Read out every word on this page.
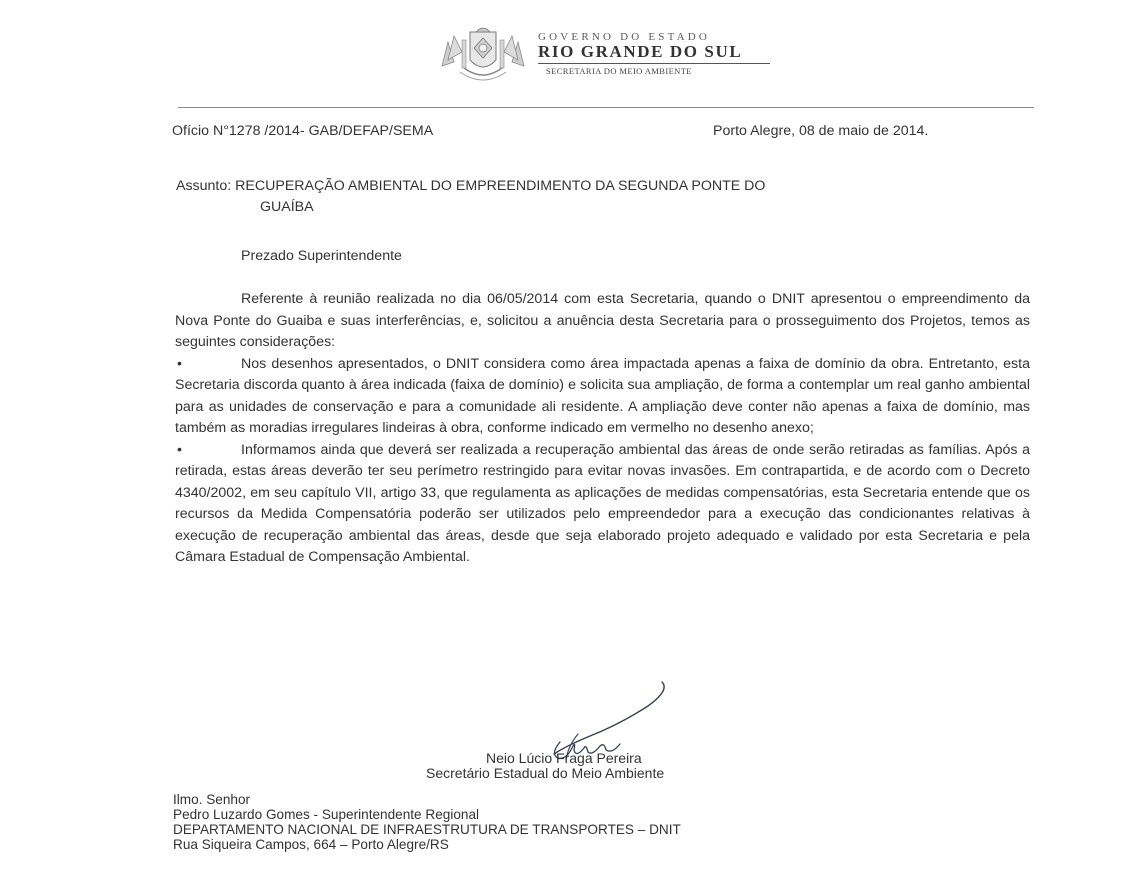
GOVERNO DO ESTADO
RIO GRANDE DO SUL
SECRETARIA DO MEIO AMBIENTE
Ofício N°1278 /2014- GAB/DEFAP/SEMA	Porto Alegre, 08 de maio de 2014.
Assunto: RECUPERAÇÃO AMBIENTAL DO EMPREENDIMENTO DA SEGUNDA PONTE DO
GUAÍBA
Prezado Superintendente

Referente à reunião realizada no dia 06/05/2014 com esta Secretaria, quando o DNIT apresentou o empreendimento da Nova Ponte do Guaiba e suas interferências, e, solicitou a anuência desta Secretaria para o prosseguimento dos Projetos, temos as seguintes considerações:

•	Nos desenhos apresentados, o DNIT considera como área impactada apenas a faixa de domínio da obra. Entretanto, esta Secretaria discorda quanto à área indicada (faixa de domínio) e solicita sua ampliação, de forma a contemplar um real ganho ambiental para as unidades de conservação e para a comunidade ali residente. A ampliação deve conter não apenas a faixa de domínio, mas também as moradias irregulares lindeiras à obra, conforme indicado em vermelho no desenho anexo;
•	Informamos ainda que deverá ser realizada a recuperação ambiental das áreas de onde serão retiradas as famílias. Após a retirada, estas áreas deverão ter seu perímetro restringido para evitar novas invasões. Em contrapartida, e de acordo com o Decreto 4340/2002, em seu capítulo VII, artigo 33, que regulamenta as aplicações de medidas compensatórias, esta Secretaria entende que os recursos da Medida Compensatória poderão ser utilizados pelo empreendedor para a execução das condicionantes relativas à execução de recuperação ambiental das áreas, desde que seja elaborado projeto adequado e validado por esta Secretaria e pela Câmara Estadual de Compensação Ambiental.
Neio Lúcio Fraga Pereira
Secretário Estadual do Meio Ambiente
Ilmo. Senhor
Pedro Luzardo Gomes - Superintendente Regional
DEPARTAMENTO NACIONAL DE INFRAESTRUTURA DE TRANSPORTES – DNIT
Rua Siqueira Campos, 664 – Porto Alegre/RS
